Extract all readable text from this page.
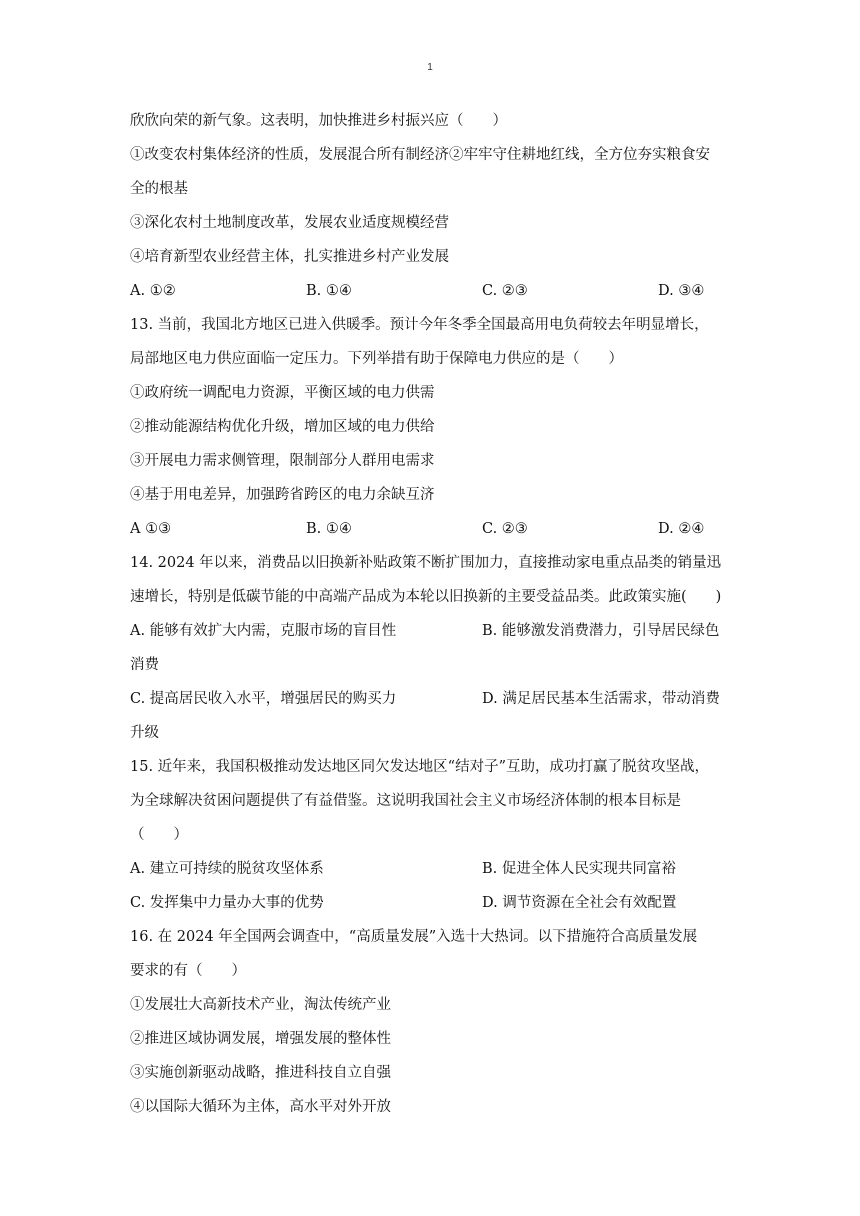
1
欣欣向荣的新气象。这表明，加快推进乡村振兴应（　　）
①改变农村集体经济的性质，发展混合所有制经济②牢牢守住耕地红线，全方位夯实粮食安
全的根基
③深化农村土地制度改革，发展农业适度规模经营
④培育新型农业经营主体，扎实推进乡村产业发展
A. ①②	B. ①④	C. ②③	D. ③④
13. 当前，我国北方地区已进入供暖季。预计今年冬季全国最高用电负荷较去年明显增长，
局部地区电力供应面临一定压力。下列举措有助于保障电力供应的是（　　）
①政府统一调配电力资源，平衡区域的电力供需
②推动能源结构优化升级，增加区域的电力供给
③开展电力需求侧管理，限制部分人群用电需求
④基于用电差异，加强跨省跨区的电力余缺互济
A ①③	B. ①④	C. ②③	D. ②④
14. 2024 年以来，消费品以旧换新补贴政策不断扩围加力，直接推动家电重点品类的销量迅
速增长，特别是低碳节能的中高端产品成为本轮以旧换新的主要受益品类。此政策实施(　　)
A. 能够有效扩大内需，克服市场的盲目性	B. 能够激发消费潜力，引导居民绿色
消费
C. 提高居民收入水平，增强居民的购买力	D. 满足居民基本生活需求，带动消费
升级
15. 近年来，我国积极推动发达地区同欠发达地区“结对子”互助，成功打赢了脱贫攻坚战，
为全球解决贫困问题提供了有益借鉴。这说明我国社会主义市场经济体制的根本目标是
（　　）
A. 建立可持续的脱贫攻坚体系	B. 促进全体人民实现共同富裕
C. 发挥集中力量办大事的优势	D. 调节资源在全社会有效配置
16. 在 2024 年全国两会调查中，“高质量发展”入选十大热词。以下措施符合高质量发展
要求的有（　　）
①发展壮大高新技术产业，淘汰传统产业
②推进区域协调发展，增强发展的整体性
③实施创新驱动战略，推进科技自立自强
④以国际大循环为主体，高水平对外开放
